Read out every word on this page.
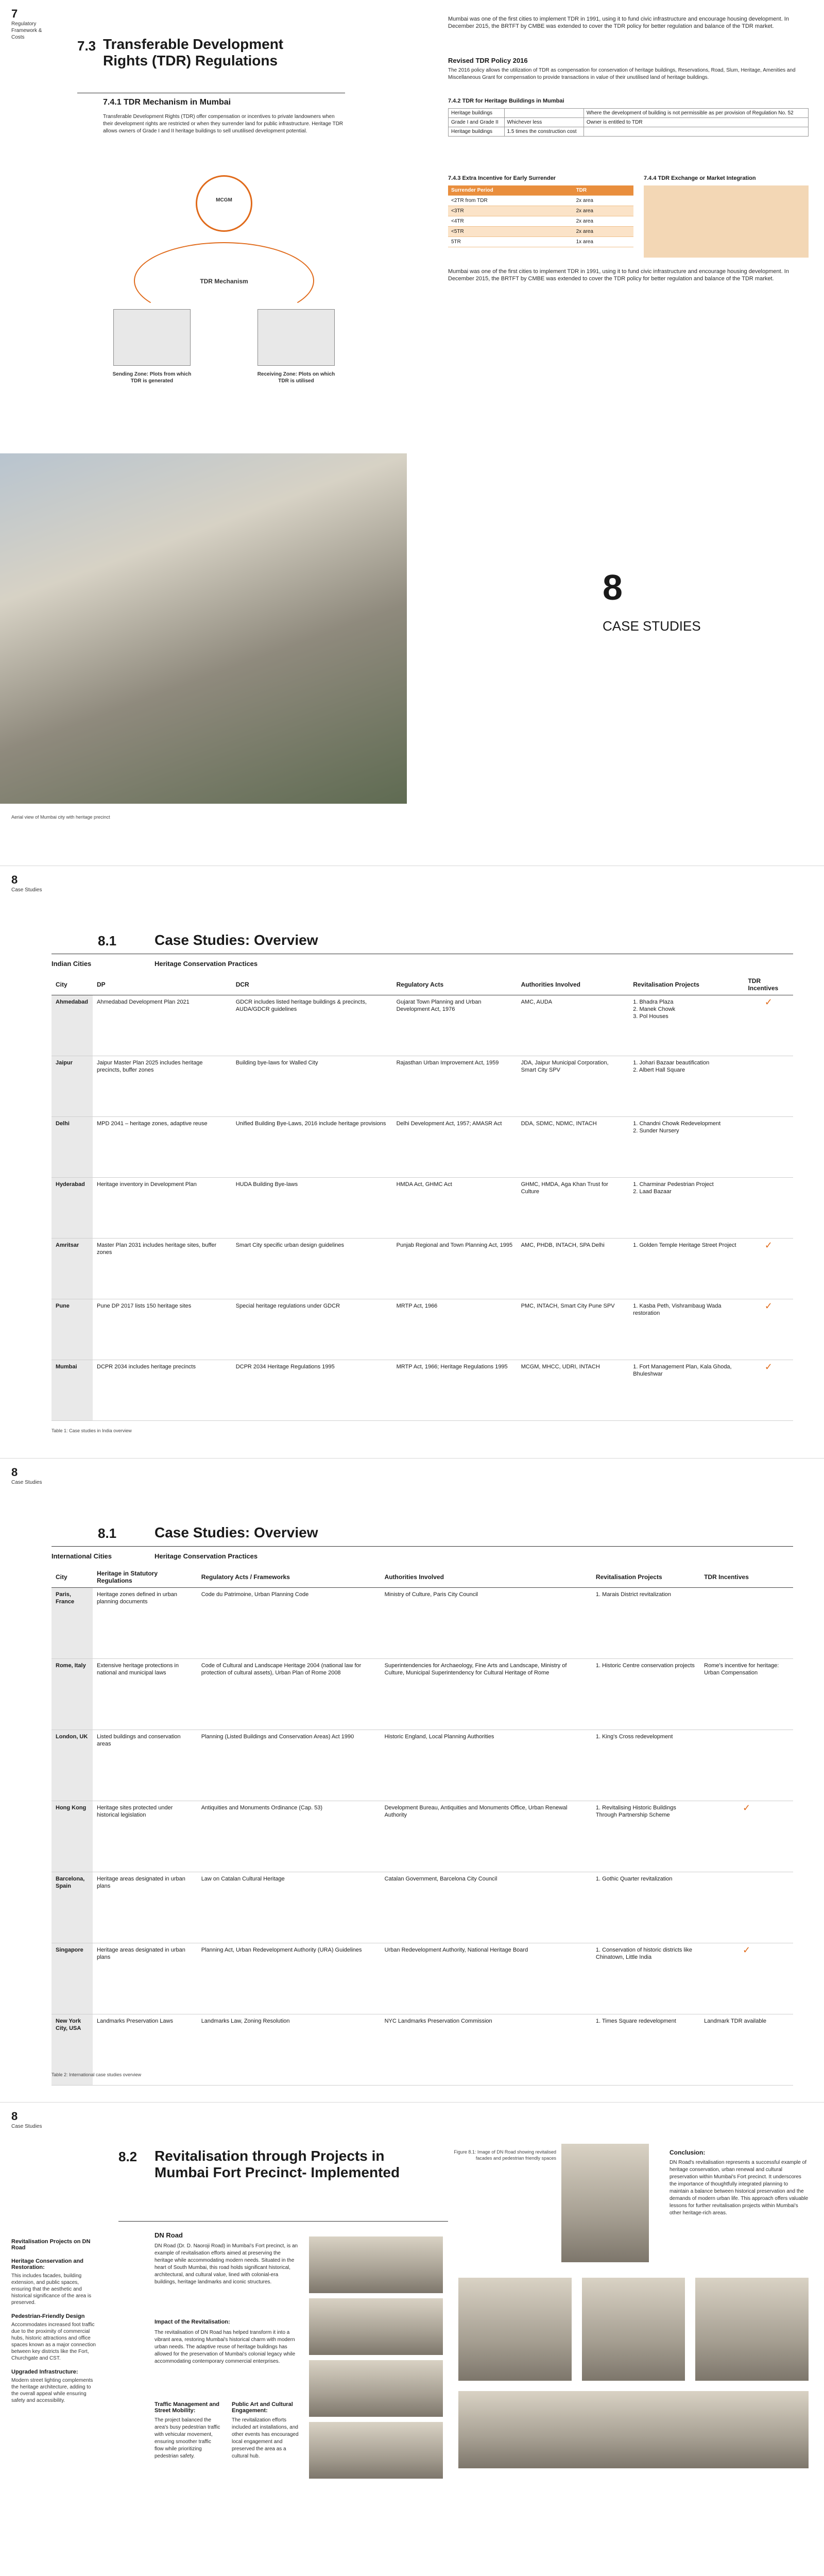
7
Regulatory Framework & Costs
7.3 Transferable Development Rights (TDR) Regulations
7.4.1 TDR Mechanism in Mumbai
Transferable Development Rights (TDR) offer compensation or incentives to private landowners when their development rights are restricted or when they surrender land for public infrastructure. Heritage TDR allows owners of Grade I and II heritage buildings to sell unutilised development potential.
MCGM
TDR Mechanism
Sending Zone: Plots from which TDR is generated
Receiving Zone: Plots on which TDR is utilised
Mumbai was one of the first cities to implement TDR in 1991, using it to fund civic infrastructure and encourage housing development. In December 2015, the BRTFT by CMBE was extended to cover the TDR policy for better regulation and balance of the TDR market.
Revised TDR Policy 2016
The 2016 policy allows the utilization of TDR as compensation for conservation of heritage buildings, Reservations, Road, Slum, Heritage, Amenities and Miscellaneous Grant for compensation to provide transactions in value of their unutilised land of heritage buildings.
7.4.2 TDR for Heritage Buildings in Mumbai
Heritage buildings		Where the development of building is not permissible as per provision of Regulation No. 52
Grade I and Grade II	Whichever less	Owner is entitled to TDR
Heritage buildings	1.5 times the construction cost	
7.4.3 Extra Incentive for Early Surrender
Surrender Period	TDR
<2TR from TDR	2x area
<3TR	2x area
<4TR	2x area
<5TR	2x area
5TR	1x area
7.4.4 TDR Exchange or Market Integration
Mumbai was one of the first cities to implement TDR in 1991, using it to fund civic infrastructure and encourage housing development. In December 2015, the BRTFT by CMBE was extended to cover the TDR policy for better regulation and balance of the TDR market.
8
CASE STUDIES
Aerial view of Mumbai city with heritage precinct
8
Case Studies
8.1	Case Studies: Overview
Indian Cities	Heritage Conservation Practices
City	DP	DCR	Regulatory Acts	Authorities Involved	Revitalisation Projects	TDR Incentives
Ahmedabad	Ahmedabad Development Plan 2021	GDCR includes listed heritage buildings & precincts, AUDA/GDCR guidelines	Gujarat Town Planning and Urban Development Act, 1976	AMC, AUDA	1. Bhadra Plaza
2. Manek Chowk
3. Pol Houses	✓
Jaipur	Jaipur Master Plan 2025 includes heritage precincts, buffer zones	Building bye-laws for Walled City	Rajasthan Urban Improvement Act, 1959	JDA, Jaipur Municipal Corporation, Smart City SPV	1. Johari Bazaar beautification
2. Albert Hall Square	
Delhi	MPD 2041 – heritage zones, adaptive reuse	Unified Building Bye-Laws, 2016 include heritage provisions	Delhi Development Act, 1957; AMASR Act	DDA, SDMC, NDMC, INTACH	1. Chandni Chowk Redevelopment
2. Sunder Nursery	
Hyderabad	Heritage inventory in Development Plan	HUDA Building Bye-laws	HMDA Act, GHMC Act	GHMC, HMDA, Aga Khan Trust for Culture	1. Charminar Pedestrian Project
2. Laad Bazaar	
Amritsar	Master Plan 2031 includes heritage sites, buffer zones	Smart City specific urban design guidelines	Punjab Regional and Town Planning Act, 1995	AMC, PHDB, INTACH, SPA Delhi	1. Golden Temple Heritage Street Project	✓
Pune	Pune DP 2017 lists 150 heritage sites	Special heritage regulations under GDCR	MRTP Act, 1966	PMC, INTACH, Smart City Pune SPV	1. Kasba Peth, Vishrambaug Wada restoration	✓
Mumbai	DCPR 2034 includes heritage precincts	DCPR 2034 Heritage Regulations 1995	MRTP Act, 1966; Heritage Regulations 1995	MCGM, MHCC, UDRI, INTACH	1. Fort Management Plan, Kala Ghoda, Bhuleshwar	✓
Table 1: Case studies in India overview
8
Case Studies
8.1	Case Studies: Overview
International Cities	Heritage Conservation Practices
City	Heritage in Statutory Regulations	Regulatory Acts / Frameworks	Authorities Involved	Revitalisation Projects	TDR Incentives
Paris, France	Heritage zones defined in urban planning documents	Code du Patrimoine, Urban Planning Code	Ministry of Culture, Paris City Council	1. Marais District revitalization	
Rome, Italy	Extensive heritage protections in national and municipal laws	Code of Cultural and Landscape Heritage 2004 (national law for protection of cultural assets), Urban Plan of Rome 2008	Superintendencies for Archaeology, Fine Arts and Landscape, Ministry of Culture, Municipal Superintendency for Cultural Heritage of Rome	1. Historic Centre conservation projects	Rome's incentive for heritage: Urban Compensation
London, UK	Listed buildings and conservation areas	Planning (Listed Buildings and Conservation Areas) Act 1990	Historic England, Local Planning Authorities	1. King's Cross redevelopment	
Hong Kong	Heritage sites protected under historical legislation	Antiquities and Monuments Ordinance (Cap. 53)	Development Bureau, Antiquities and Monuments Office, Urban Renewal Authority	1. Revitalising Historic Buildings Through Partnership Scheme	✓
Barcelona, Spain	Heritage areas designated in urban plans	Law on Catalan Cultural Heritage	Catalan Government, Barcelona City Council	1. Gothic Quarter revitalization	
Singapore	Heritage areas designated in urban plans	Planning Act, Urban Redevelopment Authority (URA) Guidelines	Urban Redevelopment Authority, National Heritage Board	1. Conservation of historic districts like Chinatown, Little India	✓
New York City, USA	Landmarks Preservation Laws	Landmarks Law, Zoning Resolution	NYC Landmarks Preservation Commission	1. Times Square redevelopment	Landmark TDR available
Table 2: International case studies overview
8
Case Studies
8.2 Revitalisation through Projects in Mumbai Fort Precinct- Implemented
Revitalisation Projects on DN Road
Heritage Conservation and Restoration:
This includes facades, building extension, and public spaces, ensuring that the aesthetic and historical significance of the area is preserved.
Pedestrian-Friendly Design
Accommodates increased foot traffic due to the proximity of commercial hubs, historic attractions and office spaces known as a major connection between key districts like the Fort, Churchgate and CST.
Upgraded Infrastructure:
Modern street lighting complements the heritage architecture, adding to the overall appeal while ensuring safety and accessibility.
DN Road
DN Road (Dr. D. Naoroji Road) in Mumbai's Fort precinct, is an example of revitalisation efforts aimed at preserving the heritage while accommodating modern needs. Situated in the heart of South Mumbai, this road holds significant historical, architectural, and cultural value, lined with colonial-era buildings, heritage landmarks and iconic structures.
Impact of the Revitalisation:
The revitalisation of DN Road has helped transform it into a vibrant area, restoring Mumbai's historical charm with modern urban needs. The adaptive reuse of heritage buildings has allowed for the preservation of Mumbai's colonial legacy while accommodating contemporary commercial enterprises.
Traffic Management and Street Mobility:
The project balanced the area's busy pedestrian traffic with vehicular movement, ensuring smoother traffic flow while prioritizing pedestrian safety.
Public Art and Cultural Engagement:
The revitalization efforts included art installations, and other events has encouraged local engagement and preserved the area as a cultural hub.
Figure 8.1: Image of DN Road showing revitalised facades and pedestrian friendly spaces
Conclusion:
DN Road's revitalisation represents a successful example of heritage conservation, urban renewal and cultural preservation within Mumbai's Fort precinct. It underscores the importance of thoughtfully integrated planning to maintain a balance between historical preservation and the demands of modern urban life. This approach offers valuable lessons for further revitalisation projects within Mumbai's other heritage-rich areas.
